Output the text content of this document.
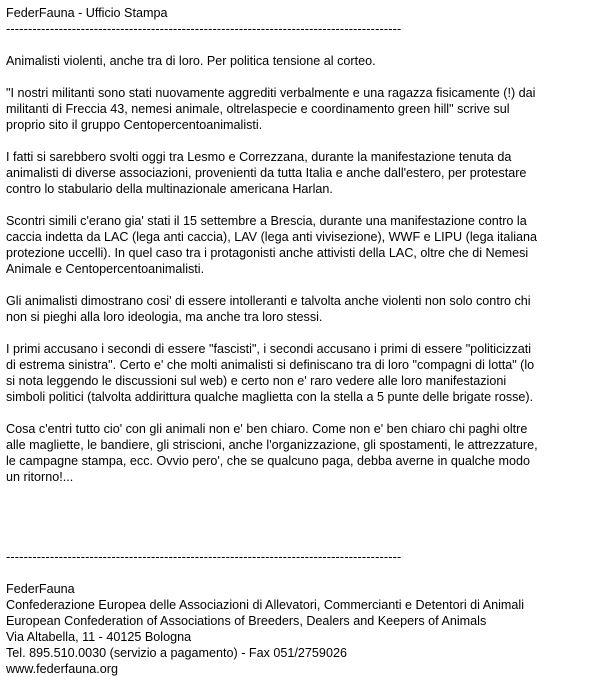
FederFauna - Ufficio Stampa
------------------------------------------------------------------------------------------
Animalisti violenti, anche tra di loro. Per politica tensione al corteo.
"I nostri militanti sono stati nuovamente aggrediti verbalmente e una ragazza fisicamente (!) dai
militanti di Freccia 43, nemesi animale, oltrelaspecie e coordinamento green hill" scrive sul
proprio sito il gruppo Centopercentoanimalisti.
I fatti si sarebbero svolti oggi tra Lesmo e Correzzana, durante la manifestazione tenuta da
animalisti di diverse associazioni, provenienti da tutta Italia e anche dall'estero, per protestare
contro lo stabulario della multinazionale americana Harlan.
Scontri simili c'erano gia' stati il 15 settembre a Brescia, durante una manifestazione contro la
caccia indetta da LAC (lega anti caccia), LAV (lega anti vivisezione), WWF e LIPU (lega italiana
protezione uccelli). In quel caso tra i protagonisti anche attivisti della LAC, oltre che di Nemesi
Animale e Centopercentoanimalisti.
Gli animalisti dimostrano cosi' di essere intolleranti e talvolta anche violenti non solo contro chi
non si pieghi alla loro ideologia, ma anche tra loro stessi.
I primi accusano i secondi di essere "fascisti", i secondi accusano i primi di essere "politicizzati
di estrema sinistra". Certo e' che molti animalisti si definiscano tra di loro "compagni di lotta" (lo
si nota leggendo le discussioni sul web) e certo non e' raro vedere alle loro manifestazioni
simboli politici (talvolta addirittura qualche maglietta con la stella a 5 punte delle brigate rosse).
Cosa c'entri tutto cio' con gli animali non e' ben chiaro. Come non e' ben chiaro chi paghi oltre
alle magliette, le bandiere, gli striscioni, anche l'organizzazione, gli spostamenti, le attrezzature,
le campagne stampa, ecc. Ovvio pero', che se qualcuno paga, debba averne in qualche modo
un ritorno!...
------------------------------------------------------------------------------------------
FederFauna
Confederazione Europea delle Associazioni di Allevatori, Commercianti e Detentori di Animali
European Confederation of Associations of Breeders, Dealers and Keepers of Animals
Via Altabella, 11 - 40125 Bologna
Tel. 895.510.0030 (servizio a pagamento) - Fax 051/2759026
www.federfauna.org
